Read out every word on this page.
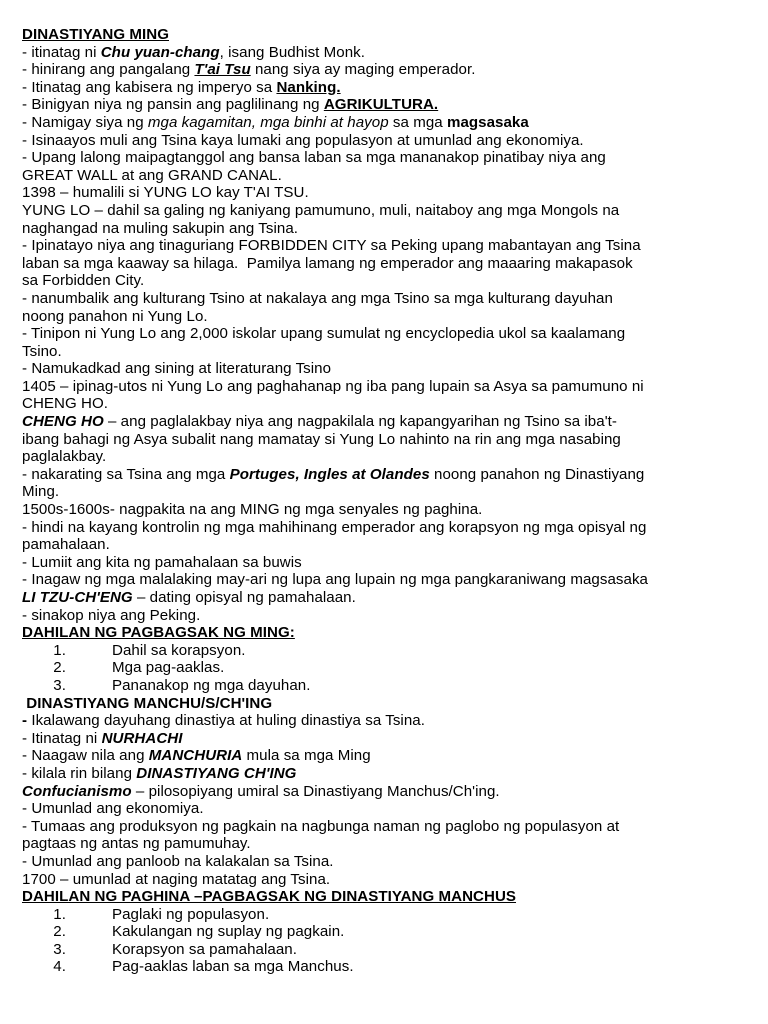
DINASTIYANG MING
- itinatag ni Chu yuan-chang, isang Budhist Monk.
- hinirang ang pangalang T'ai Tsu nang siya ay maging emperador.
- Itinatag ang kabisera ng imperyo sa Nanking.
- Binigyan niya ng pansin ang paglilinang ng AGRIKULTURA.
- Namigay siya ng mga kagamitan, mga binhi at hayop sa mga magsasaka
- Isinaayos muli ang Tsina kaya lumaki ang populasyon at umunlad ang ekonomiya.
- Upang lalong maipagtanggol ang bansa laban sa mga mananakop pinatibay niya ang
GREAT WALL at ang GRAND CANAL.
1398 – humalili si YUNG LO kay T'AI TSU.
YUNG LO – dahil sa galing ng kaniyang pamumuno, muli, naitaboy ang mga Mongols na
naghangad na muling sakupin ang Tsina.
- Ipinatayo niya ang tinaguriang FORBIDDEN CITY sa Peking upang mabantayan ang Tsina
laban sa mga kaaway sa hilaga.  Pamilya lamang ng emperador ang maaaring makapasok
sa Forbidden City.
- nanumbalik ang kulturang Tsino at nakalaya ang mga Tsino sa mga kulturang dayuhan
noong panahon ni Yung Lo.
- Tinipon ni Yung Lo ang 2,000 iskolar upang sumulat ng encyclopedia ukol sa kaalamang
Tsino.
- Namukadkad ang sining at literaturang Tsino
1405 – ipinag-utos ni Yung Lo ang paghahanap ng iba pang lupain sa Asya sa pamumuno ni
CHENG HO.
CHENG HO – ang paglalakbay niya ang nagpakilala ng kapangyarihan ng Tsino sa iba't-
ibang bahagi ng Asya subalit nang mamatay si Yung Lo nahinto na rin ang mga nasabing
paglalakbay.
- nakarating sa Tsina ang mga Portuges, Ingles at Olandes noong panahon ng Dinastiyang
Ming.
1500s-1600s- nagpakita na ang MING ng mga senyales ng paghina.
- hindi na kayang kontrolin ng mga mahihinang emperador ang korapsyon ng mga opisyal ng
pamahalaan.
- Lumiit ang kita ng pamahalaan sa buwis
- Inagaw ng mga malalaking may-ari ng lupa ang lupain ng mga pangkaraniwang magsasaka
LI TZU-CH'ENG – dating opisyal ng pamahalaan.
- sinakop niya ang Peking.
DAHILAN NG PAGBAGSAK NG MING:
1.	Dahil sa korapsyon.
2.	Mga pag-aaklas.
3.	Pananakop ng mga dayuhan.
DINASTIYANG MANCHU/S/CH'ING
- Ikalawang dayuhang dinastiya at huling dinastiya sa Tsina.
- Itinatag ni NURHACHI
- Naagaw nila ang MANCHURIA mula sa mga Ming
- kilala rin bilang DINASTIYANG CH'ING
Confucianismo – pilosopiyang umiral sa Dinastiyang Manchus/Ch'ing.
- Umunlad ang ekonomiya.
- Tumaas ang produksyon ng pagkain na nagbunga naman ng paglobo ng populasyon at
pagtaas ng antas ng pamumuhay.
- Umunlad ang panloob na kalakalan sa Tsina.
1700 – umunlad at naging matatag ang Tsina.
DAHILAN NG PAGHINA –PAGBAGSAK NG DINASTIYANG MANCHUS
1.	Paglaki ng populasyon.
2.	Kakulangan ng suplay ng pagkain.
3.	Korapsyon sa pamahalaan.
4.	Pag-aaklas laban sa mga Manchus.
